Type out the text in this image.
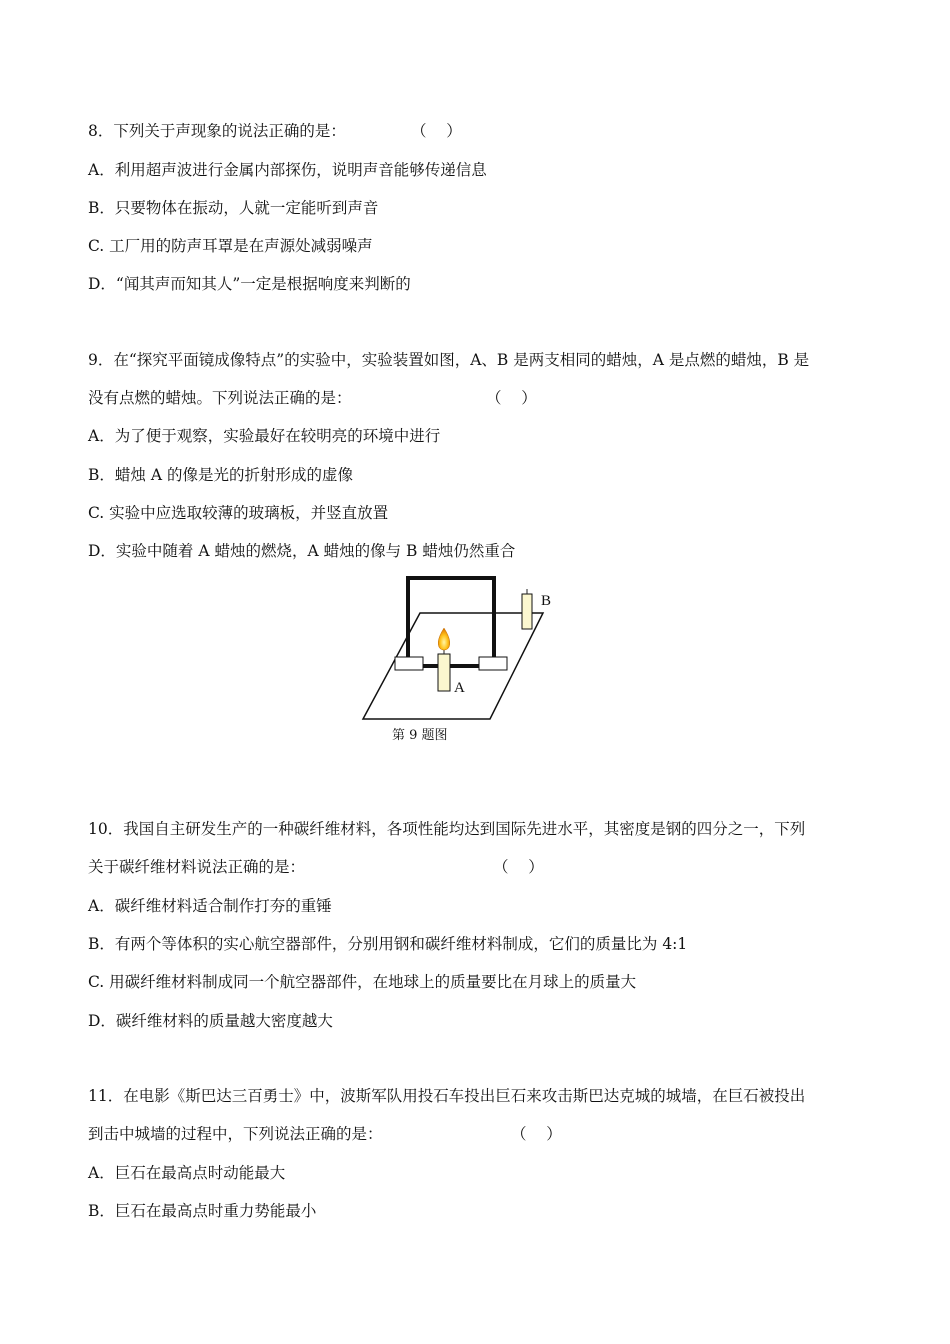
8．下列关于声现象的说法正确的是：	（    ）
A．利用超声波进行金属内部探伤，说明声音能够传递信息
B．只要物体在振动，人就一定能听到声音
C. 工厂用的防声耳罩是在声源处减弱噪声
D．“闻其声而知其人”一定是根据响度来判断的
9．在“探究平面镜成像特点”的实验中，实验装置如图，A、B 是两支相同的蜡烛，A 是点燃的蜡烛，B 是
没有点燃的蜡烛。下列说法正确的是：	（    ）
A．为了便于观察，实验最好在较明亮的环境中进行
B．蜡烛 A 的像是光的折射形成的虚像
C. 实验中应选取较薄的玻璃板，并竖直放置
D．实验中随着 A 蜡烛的燃烧，A 蜡烛的像与 B 蜡烛仍然重合
B
A
第 9 题图
10．我国自主研发生产的一种碳纤维材料，各项性能均达到国际先进水平，其密度是钢的四分之一，下列
关于碳纤维材料说法正确的是：	（    ）
A．碳纤维材料适合制作打夯的重锤
B．有两个等体积的实心航空器部件，分别用钢和碳纤维材料制成，它们的质量比为 4:1
C. 用碳纤维材料制成同一个航空器部件，在地球上的质量要比在月球上的质量大
D．碳纤维材料的质量越大密度越大
11．在电影《斯巴达三百勇士》中，波斯军队用投石车投出巨石来攻击斯巴达克城的城墙，在巨石被投出
到击中城墙的过程中，下列说法正确的是：	（    ）
A．巨石在最高点时动能最大
B．巨石在最高点时重力势能最小
